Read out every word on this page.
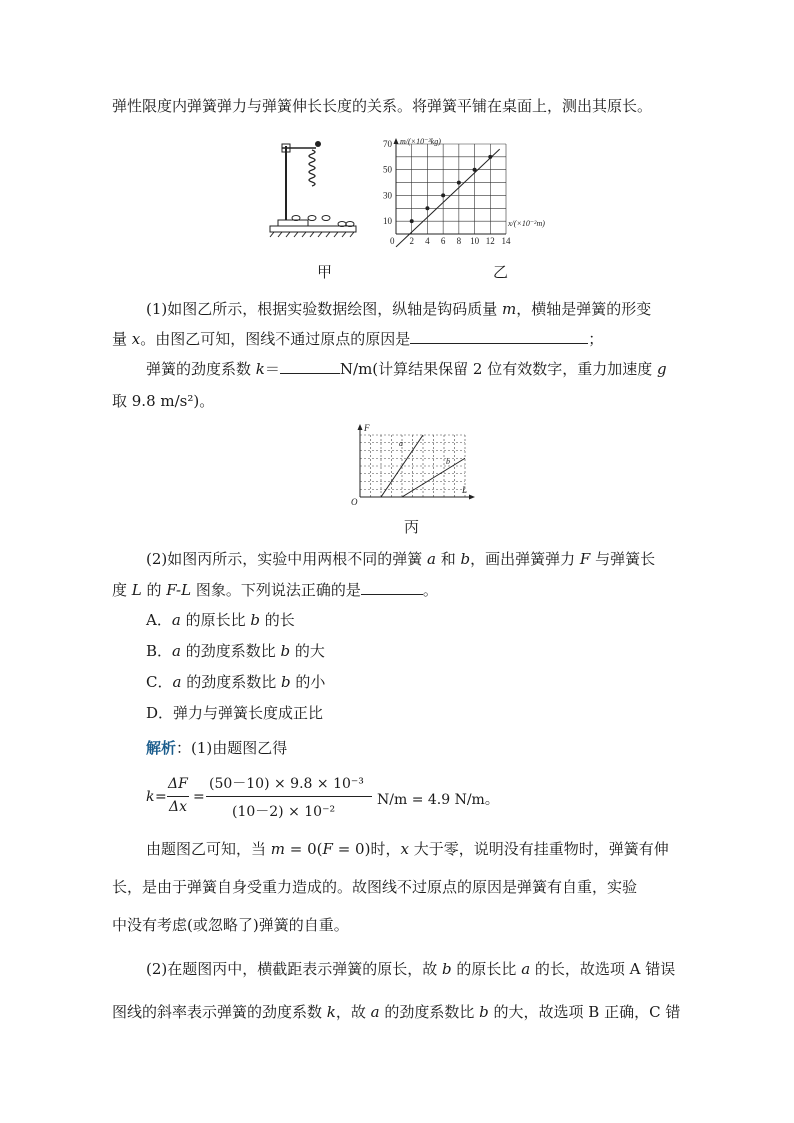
弹性限度内弹簧弹力与弹簧伸长长度的关系。将弹簧平铺在桌面上，测出其原长。
m/(×10⁻³kg)
x/(×10⁻²m)
0
10
30
50
70
2 4 6 8 10 12 14
甲	乙
(1)如图乙所示，根据实验数据绘图，纵轴是钩码质量 m，横轴是弹簧的形变
量 x。由图乙可知，图线不通过原点的原因是	；
弹簧的劲度系数 k＝	N/m(计算结果保留 2 位有效数字，重力加速度 g
取 9.8 m/s²)。
F
L
O
a
b
丙
(2)如图丙所示，实验中用两根不同的弹簧 a 和 b，画出弹簧弹力 F 与弹簧长
度 L 的 F-L 图象。下列说法正确的是	。
A．a 的原长比 b 的长
B．a 的劲度系数比 b 的大
C．a 的劲度系数比 b 的小
D．弹力与弹簧长度成正比
解析：(1)由题图乙得
k =
ΔF
Δx
=
(50－10) × 9.8 × 10⁻³
(10－2) × 10⁻²
N/m = 4.9 N/m。
由题图乙可知，当 m = 0(F = 0)时，x 大于零，说明没有挂重物时，弹簧有伸
长，是由于弹簧自身受重力造成的。故图线不过原点的原因是弹簧有自重，实验
中没有考虑(或忽略了)弹簧的自重。
(2)在题图丙中，横截距表示弹簧的原长，故 b 的原长比 a 的长，故选项 A 错误
图线的斜率表示弹簧的劲度系数 k，故 a 的劲度系数比 b 的大，故选项 B 正确，C 错
